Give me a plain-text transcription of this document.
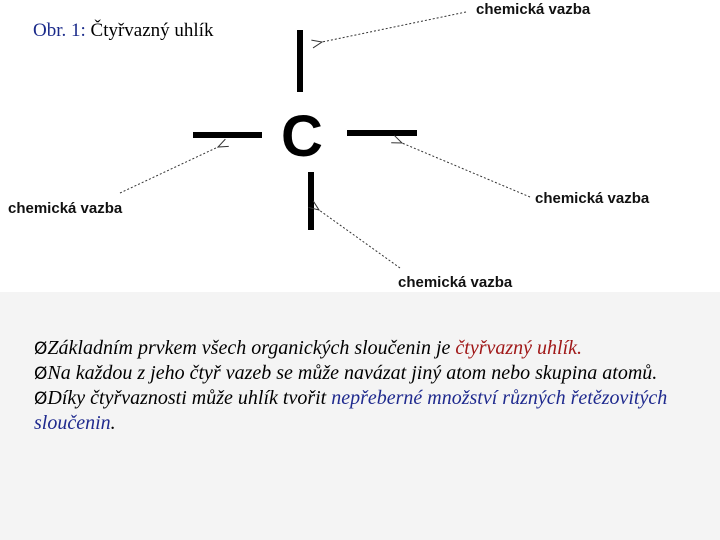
Obr. 1: Čtyřvazný uhlík
C
chemická vazba
chemická vazba
chemická vazba
chemická vazba
ØZákladním prvkem všech organických sloučenin je čtyřvazný uhlík.
ØNa každou z jeho čtyř vazeb se může navázat jiný atom nebo skupina atomů.
ØDíky čtyřvaznosti může uhlík tvořit nepřeberné množství různých řetězovitých sloučenin.
